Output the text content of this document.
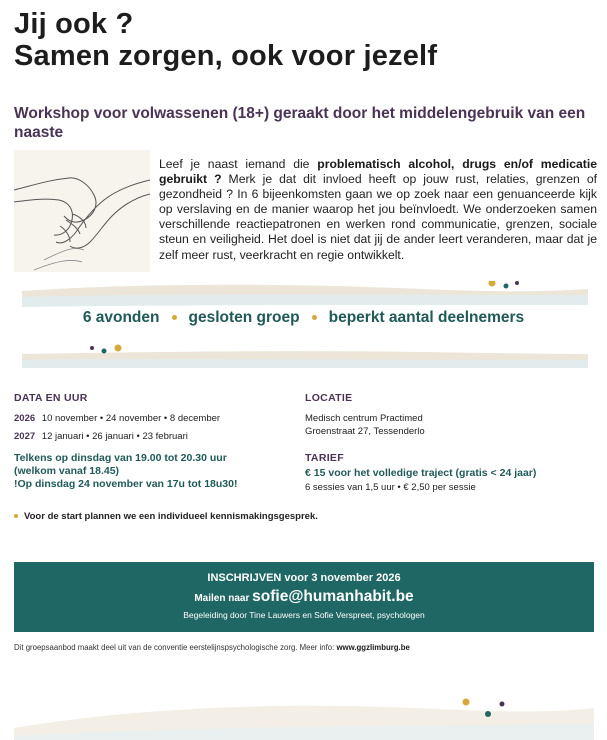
Jij ook ?
Samen zorgen, ook voor jezelf
Workshop voor volwassenen (18+) geraakt door het middelengebruik van een naaste
Leef je naast iemand die problematisch alcohol, drugs en/of medicatie gebruikt ? Merk je dat dit invloed heeft op jouw rust, relaties, grenzen of gezondheid ? In 6 bijeenkomsten gaan we op zoek naar een genuanceerde kijk op verslaving en de manier waarop het jou beïnvloedt. We onderzoeken samen verschillende reactiepatronen en werken rond communicatie, grenzen, sociale steun en veiligheid. Het doel is niet dat jij de ander leert veranderen, maar dat je zelf meer rust, veerkracht en regie ontwikkelt.
6 avonden gesloten groep beperkt aantal deelnemers
DATA EN UUR
2026 10 november • 24 november • 8 december
2027 12 januari • 26 januari • 23 februari
Telkens op dinsdag van 19.00 tot 20.30 uur
(welkom vanaf 18.45)
!Op dinsdag 24 november van 17u tot 18u30!
LOCATIE
Medisch centrum Practimed
Groenstraat 27, Tessenderlo
TARIEF
€ 15 voor het volledige traject (gratis < 24 jaar)
6 sessies van 1,5 uur • € 2,50 per sessie
Voor de start plannen we een individueel kennismakingsgesprek.
INSCHRIJVEN voor 3 november 2026
Mailen naar sofie@humanhabit.be
Begeleiding door Tine Lauwers en Sofie Verspreet, psychologen
Dit groepsaanbod maakt deel uit van de conventie eerstelijnspsychologische zorg. Meer info: www.ggzlimburg.be
